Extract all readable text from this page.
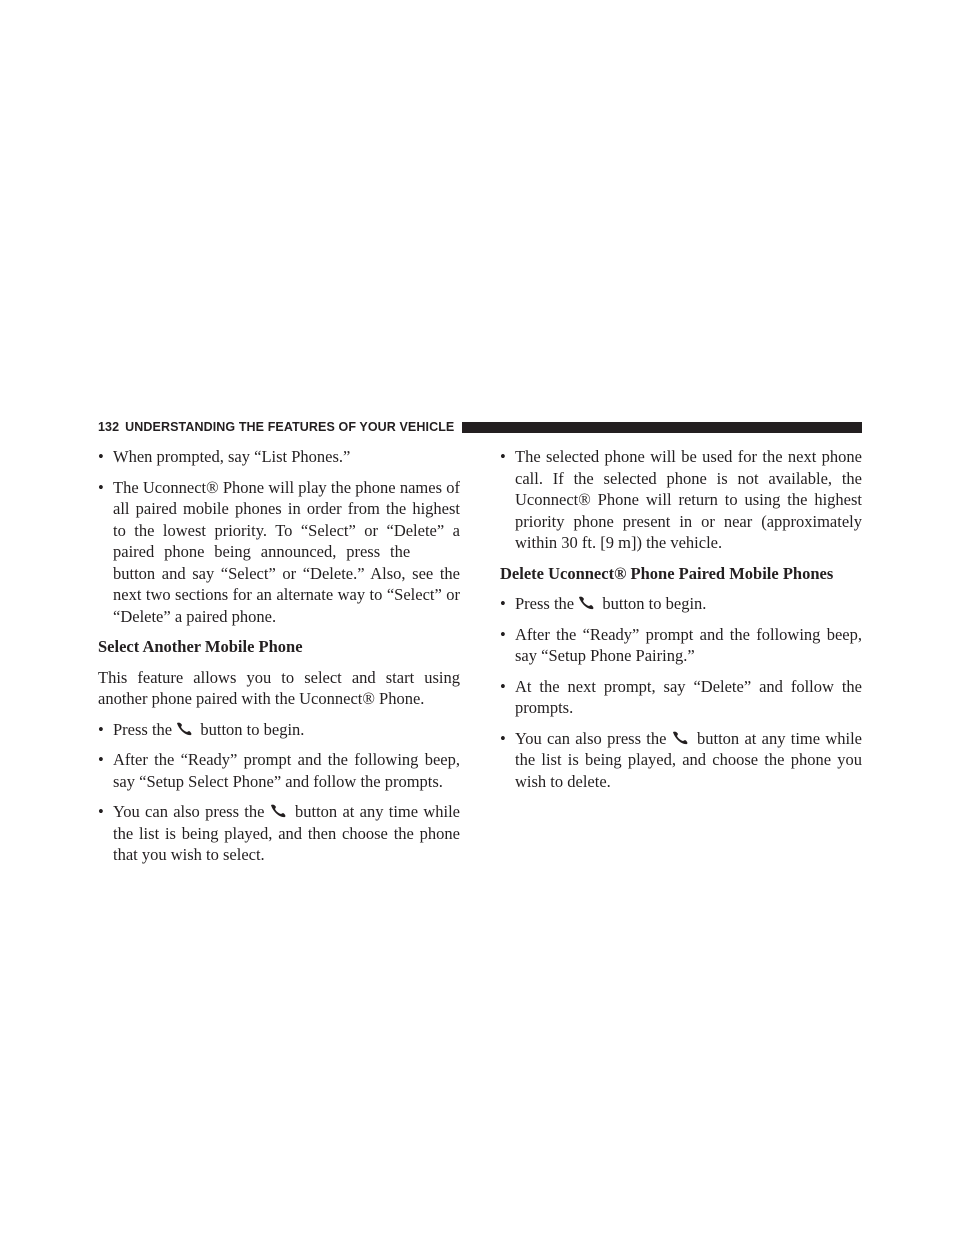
132 UNDERSTANDING THE FEATURES OF YOUR VEHICLE
• When prompted, say “List Phones.”
• The Uconnect® Phone will play the phone names of all paired mobile phones in order from the highest to the lowest priority. To “Select” or “Delete” a paired phone being announced, press the  button and say “Select” or “Delete.” Also, see the next two sections for an alternate way to “Select” or “Delete” a paired phone.
Select Another Mobile Phone
This feature allows you to select and start using another phone paired with the Uconnect® Phone.
• Press the button to begin.
• After the “Ready” prompt and the following beep, say “Setup Select Phone” and follow the prompts.
• You can also press the button at any time while the list is being played, and then choose the phone that you wish to select.
• The selected phone will be used for the next phone call. If the selected phone is not available, the Uconnect® Phone will return to using the highest priority phone present in or near (approximately within 30 ft. [9 m]) the vehicle.
Delete Uconnect® Phone Paired Mobile Phones
• Press the button to begin.
• After the “Ready” prompt and the following beep, say “Setup Phone Pairing.”
• At the next prompt, say “Delete” and follow the prompts.
• You can also press the button at any time while the list is being played, and choose the phone you wish to delete.
